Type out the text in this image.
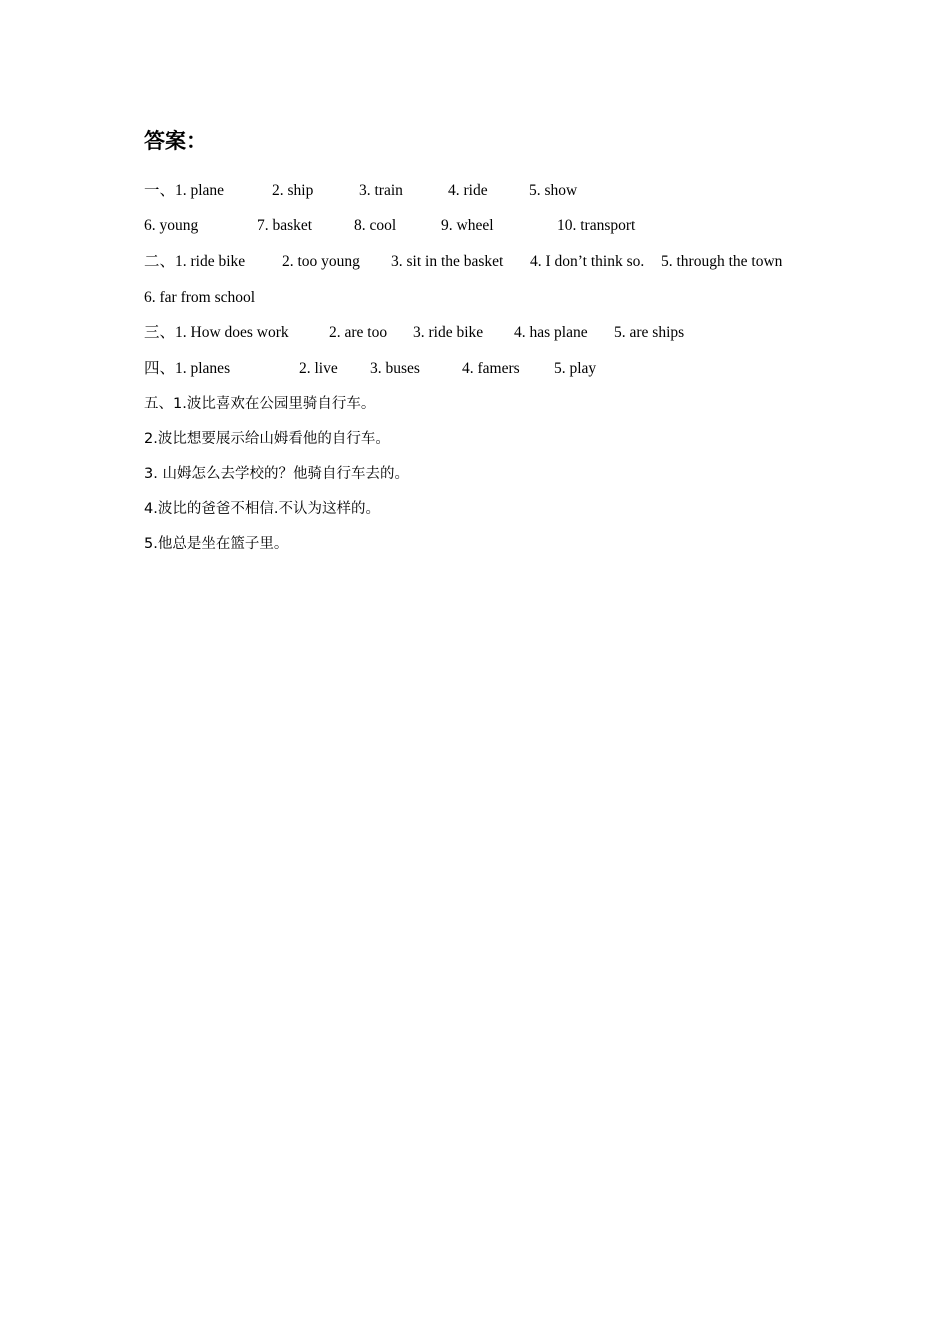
答案：
一、1. plane	2. ship	3. train	4. ride	5. show
6. young	7. basket	8. cool	9. wheel	10. transport
二、1. ride bike 2. too young 3. sit in the basket 4. I don’t think so. 5. through the town
6. far from school
三、1. How does work	2. are too 3. ride bike 4. has plane 5. are ships
四、1. planes	2. live 3. buses	4. famers 5. play
五、1.波比喜欢在公园里骑自行车。
2.波比想要展示给山姆看他的自行车。
3. 山姆怎么去学校的？他骑自行车去的。
4.波比的爸爸不相信.不认为这样的。
5.他总是坐在篮子里。
